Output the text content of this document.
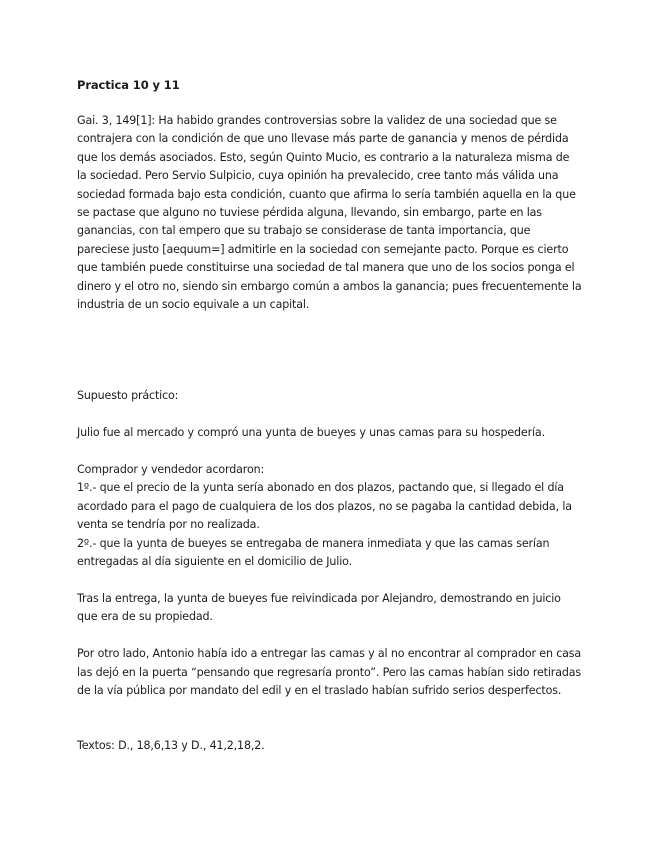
Practica 10 y 11

Gai. 3, 149[1]: Ha habido grandes controversias sobre la validez de una sociedad que se contrajera con la condición de que uno llevase más parte de ganancia y menos de pérdida que los demás asociados. Esto, según Quinto Mucio, es contrario a la naturaleza misma de la sociedad. Pero Servio Sulpicio, cuya opinión ha prevalecido, cree tanto más válida una sociedad formada bajo esta condición, cuanto que afirma lo sería también aquella en la que se pactase que alguno no tuviese pérdida alguna, llevando, sin embargo, parte en las ganancias, con tal empero que su trabajo se considerase de tanta importancia, que pareciese justo [aequum=] admitirle en la sociedad con semejante pacto. Porque es cierto que también puede constituirse una sociedad de tal manera que uno de los socios ponga el dinero y el otro no, siendo sin embargo común a ambos la ganancia; pues frecuentemente la industria de un socio equivale a un capital.

Supuesto práctico:

Julio fue al mercado y compró una yunta de bueyes y unas camas para su hospedería.

Comprador y vendedor acordaron:

1º.- que el precio de la yunta sería abonado en dos plazos, pactando que, si llegado el día acordado para el pago de cualquiera de los dos plazos, no se pagaba la cantidad debida, la venta se tendría por no realizada.

2º.- que la yunta de bueyes se entregaba de manera inmediata y que las camas serían entregadas al día siguiente en el domicilio de Julio.

Tras la entrega, la yunta de bueyes fue reivindicada por Alejandro, demostrando en juicio que era de su propiedad.

Por otro lado, Antonio había ido a entregar las camas y al no encontrar al comprador en casa las dejó en la puerta “pensando que regresaría pronto”. Pero las camas habían sido retiradas de la vía pública por mandato del edil y en el traslado habían sufrido serios desperfectos.

Textos: D., 18,6,13 y D., 41,2,18,2.
